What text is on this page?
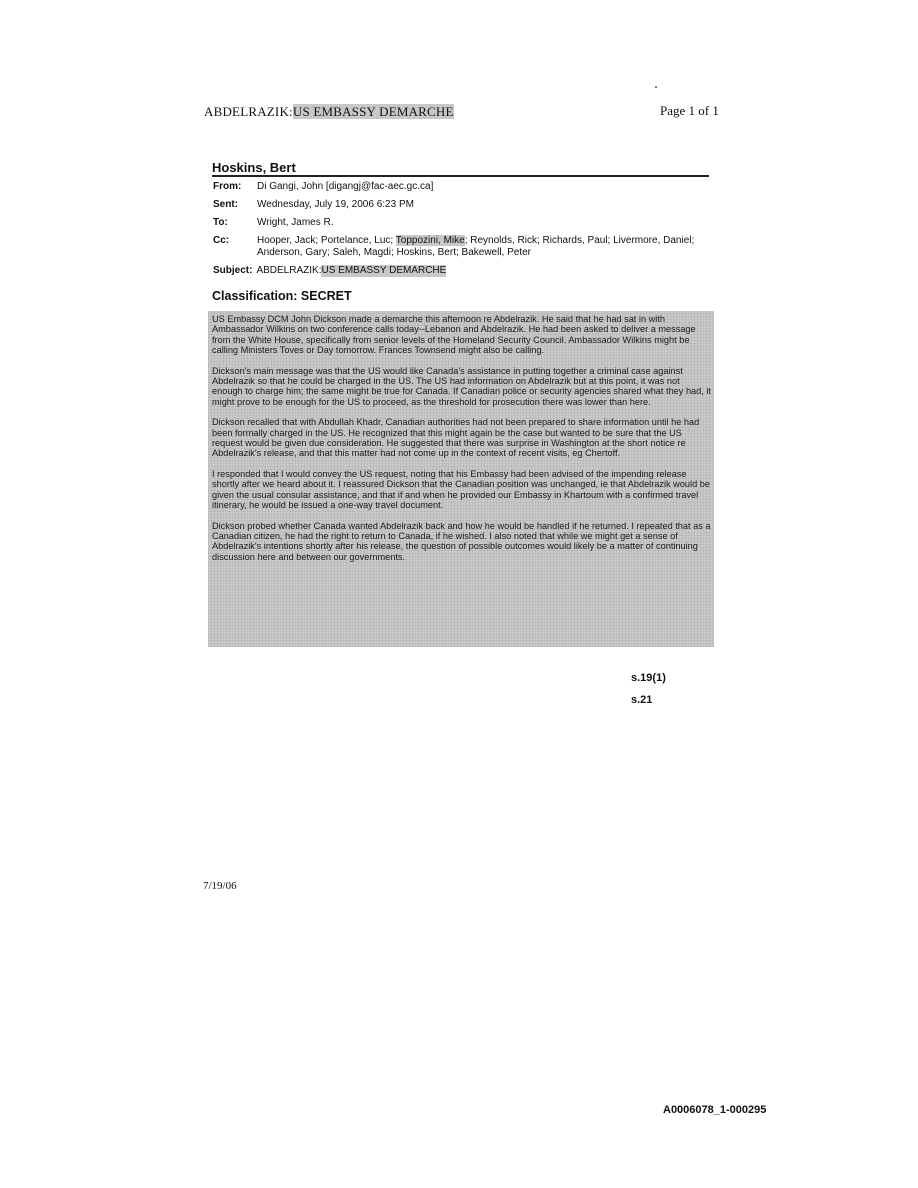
ABDELRAZIK:US EMBASSY DEMARCHE	Page 1 of 1
Hoskins, Bert
From:	Di Gangi, John [digangj@fac-aec.gc.ca]
Sent:	Wednesday, July 19, 2006 6:23 PM
To:	Wright, James R.
Cc:	Hooper, Jack; Portelance, Luc; Toppozini, Mike; Reynolds, Rick; Richards, Paul; Livermore, Daniel; Anderson, Gary; Saleh, Magdi; Hoskins, Bert; Bakewell, Peter
Subject: ABDELRAZIK: US EMBASSY DEMARCHE
Classification: SECRET

US Embassy DCM John Dickson made a demarche this afternoon re Abdelrazik. He said that he had sat in with Ambassador Wilkins on two conference calls today--Lebanon and Abdelrazik. He had been asked to deliver a message from the White House, specifically from senior levels of the Homeland Security Council. Ambassador Wilkins might be calling Ministers Toves or Day tomorrow. Frances Townsend might also be calling.

Dickson's main message was that the US would like Canada's assistance in putting together a criminal case against Abdelrazik so that he could be charged in the US. The US had information on Abdelrazik but at this point, it was not enough to charge him; the same might be true for Canada. If Canadian police or security agencies shared what they had, it might prove to be enough for the US to proceed, as the threshold for prosecution there was lower than here.

Dickson recalled that with Abdullah Khadr, Canadian authorities had not been prepared to share information until he had been formally charged in the US. He recognized that this might again be the case but wanted to be sure that the US request would be given due consideration. He suggested that there was surprise in Washington at the short notice re Abdelrazik's release, and that this matter had not come up in the context of recent visits, eg Chertoff.

I responded that I would convey the US request, noting that his Embassy had been advised of the impending release shortly after we heard about it. I reassured Dickson that the Canadian position was unchanged, ie that Abdelrazik would be given the usual consular assistance, and that if and when he provided our Embassy in Khartoum with a confirmed travel itinerary, he would be issued a one-way travel document.

Dickson probed whether Canada wanted Abdelrazik back and how he would be handled if he returned. I repeated that as a Canadian citizen, he had the right to return to Canada, if he wished. I also noted that while we might get a sense of Abdelrazik's intentions shortly after his release, the question of possible outcomes would likely be a matter of continuing discussion here and between our governments.

s.19(1)
s.21
7/19/06
A0006078_1-000295
